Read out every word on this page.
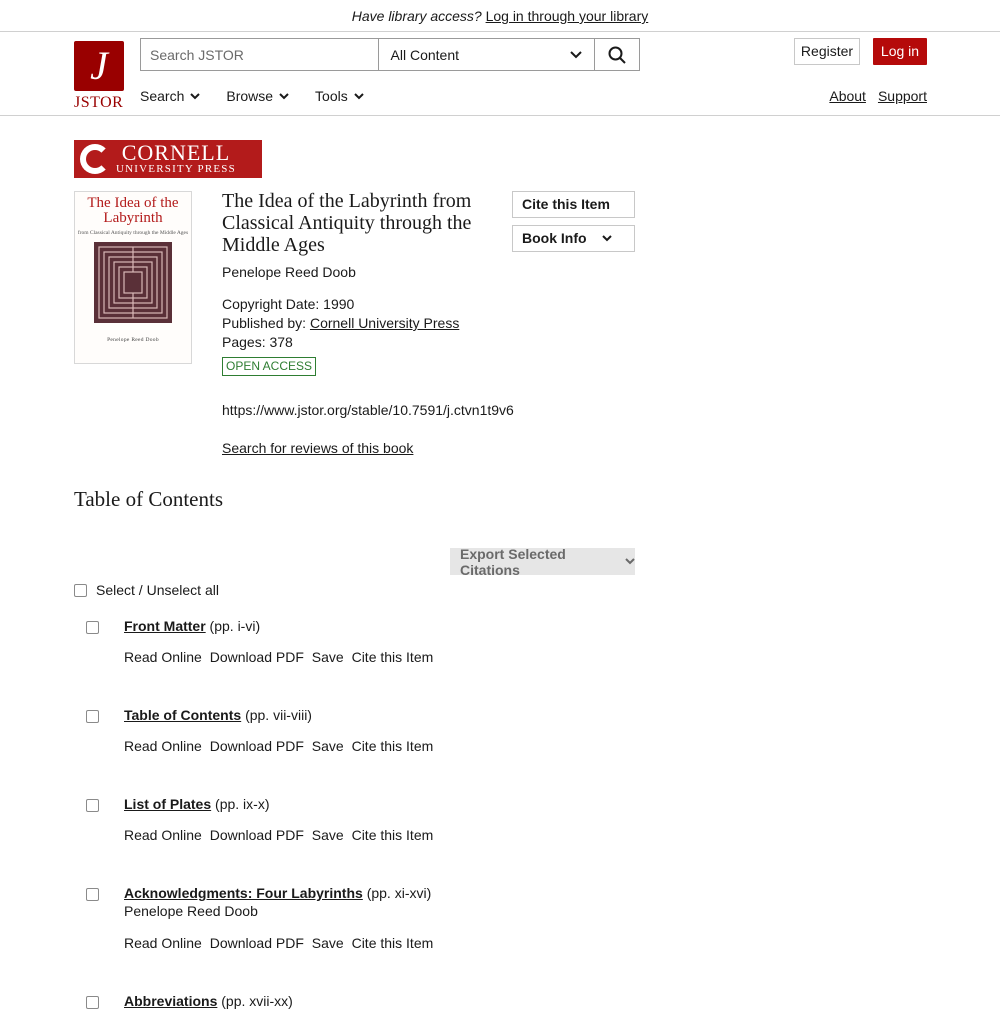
Have library access? Log in through your library
J
JSTOR
Search JSTOR
All Content	Register	Log in
Search	Browse	Tools	About Support
CORNELL
UNIVERSITY PRESS
The Idea of the Labyrinth
from Classical Antiquity through the Middle Ages
Penelope Reed Doob
The Idea of the Labyrinth from Classical Antiquity through the Middle Ages
Penelope Reed Doob
Copyright Date: 1990
Published by: Cornell University Press
Pages: 378
OPEN ACCESS
https://www.jstor.org/stable/10.7591/j.ctvn1t9v6
Search for reviews of this book
Cite this Item
Book Info
Table of Contents
Export Selected Citations
Select / Unselect all
Front Matter (pp. i-vi)
Read Online Download PDF Save Cite this Item
Table of Contents (pp. vii-viii)
Read Online Download PDF Save Cite this Item
List of Plates (pp. ix-x)
Read Online Download PDF Save Cite this Item
Acknowledgments: Four Labyrinths (pp. xi-xvi)
Penelope Reed Doob
Read Online Download PDF Save Cite this Item
Abbreviations (pp. xvii-xx)
